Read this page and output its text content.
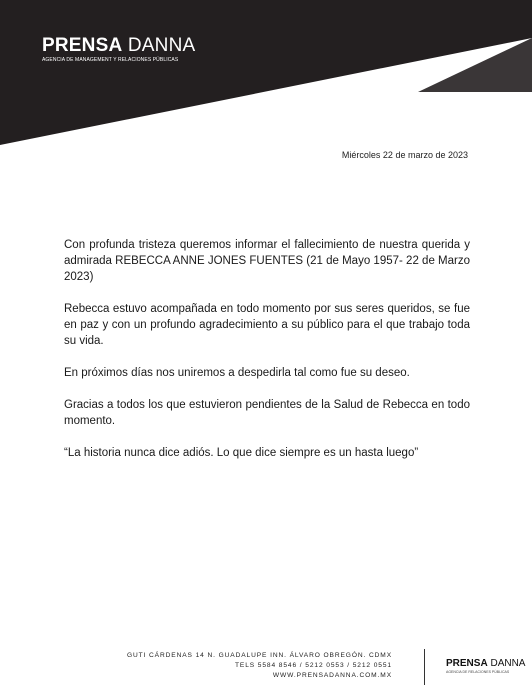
PRENSA DANNA
AGENCIA DE MANAGEMENT Y RELACIONES PÚBLICAS
Miércoles 22 de marzo de 2023

Con profunda tristeza queremos informar el fallecimiento de nuestra querida y admirada REBECCA ANNE JONES FUENTES (21 de Mayo 1957- 22 de Marzo 2023)

Rebecca estuvo acompañada en todo momento por sus seres queridos, se fue en paz y con un profundo agradecimiento a su público para el que trabajo toda su vida.

En próximos días nos uniremos a despedirla tal como fue su deseo.

Gracias a todos los que estuvieron pendientes de la Salud de Rebecca en todo momento.

“La historia nunca dice adiós. Lo que dice siempre es un hasta luego”

GUTI CÁRDENAS 14 N. GUADALUPE INN. ÁLVARO OBREGÓN. CDMX
TELS 5584 8546 / 5212 0553 / 5212 0551
WWW.PRENSADANNA.COM.MX
PRENSA DANNA
AGENCIA DE RELACIONES PÚBLICAS
